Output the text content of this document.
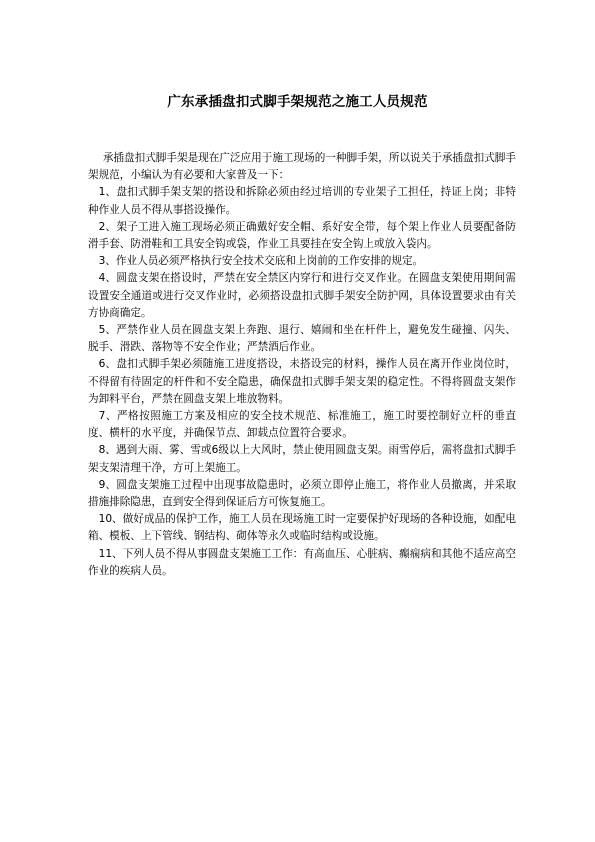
广东承插盘扣式脚手架规范之施工人员规范

承插盘扣式脚手架是现在广泛应用于施工现场的一种脚手架，所以说关于承插盘扣式脚手架规范，小编认为有必要和大家普及一下：

1、盘扣式脚手架支架的搭设和拆除必须由经过培训的专业架子工担任，持证上岗；非特种作业人员不得从事搭设操作。

2、架子工进入施工现场必须正确戴好安全帽、系好安全带，每个架上作业人员要配备防滑手套、防滑鞋和工具安全钩或袋，作业工具要挂在安全钩上或放入袋内。

3、作业人员必须严格执行安全技术交底和上岗前的工作安排的规定。

4、圆盘支架在搭设时，严禁在安全禁区内穿行和进行交叉作业。在圆盘支架使用期间需设置安全通道或进行交叉作业时，必须搭设盘扣式脚手架安全防护网，具体设置要求由有关方协商确定。

5、严禁作业人员在圆盘支架上奔跑、退行、嬉闹和坐在杆件上，避免发生碰撞、闪失、脱手、滑跌、落物等不安全作业；严禁酒后作业。

6、盘扣式脚手架必须随施工进度搭设，未搭设完的材料，操作人员在离开作业岗位时，不得留有待固定的杆件和不安全隐患，确保盘扣式脚手架支架的稳定性。不得将圆盘支架作为卸料平台，严禁在圆盘支架上堆放物料。

7、严格按照施工方案及相应的安全技术规范、标准施工，施工时要控制好立杆的垂直度、横杆的水平度，并确保节点、卸载点位置符合要求。

8、遇到大雨、雾、雪或6级以上大风时，禁止使用圆盘支架。雨雪停后，需将盘扣式脚手架支架清理干净，方可上架施工。

9、圆盘支架施工过程中出现事故隐患时，必须立即停止施工，将作业人员撤离，并采取措施排除隐患，直到安全得到保证后方可恢复施工。

10、做好成品的保护工作，施工人员在现场施工时一定要保护好现场的各种设施，如配电箱、模板、上下管线、钢结构、砌体等永久或临时结构或设施。

11、下列人员不得从事圆盘支架施工工作：有高血压、心脏病、癫痫病和其他不适应高空作业的疾病人员。
